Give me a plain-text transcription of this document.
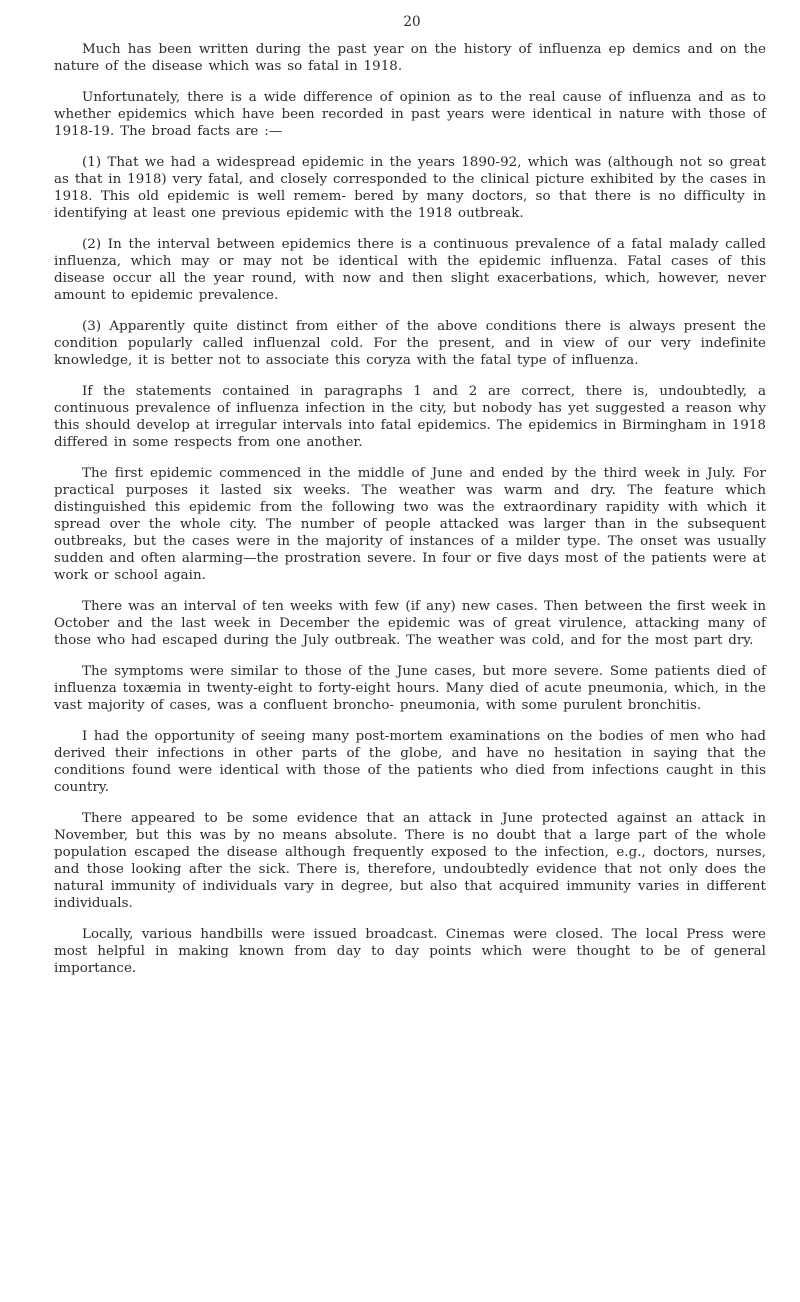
20

Much has been written during the past year on the history of influenza ep demics and on the nature of the disease which was so fatal in 1918.

Unfortunately, there is a wide difference of opinion as to the real cause of influenza and as to whether epidemics which have been recorded in past years were identical in nature with those of 1918-19. The broad facts are :—

(1) That we had a widespread epidemic in the years 1890-92, which was (although not so great as that in 1918) very fatal, and closely corresponded to the clinical picture exhibited by the cases in 1918. This old epidemic is well remem- bered by many doctors, so that there is no difficulty in identifying at least one previous epidemic with the 1918 outbreak.

(2) In the interval between epidemics there is a continuous prevalence of a fatal malady called influenza, which may or may not be identical with the epidemic influenza. Fatal cases of this disease occur all the year round, with now and then slight exacerbations, which, however, never amount to epidemic prevalence.

(3) Apparently quite distinct from either of the above conditions there is always present the condition popularly called influenzal cold. For the present, and in view of our very indefinite knowledge, it is better not to associate this coryza with the fatal type of influenza.

If the statements contained in paragraphs 1 and 2 are correct, there is, undoubtedly, a continuous prevalence of influenza infection in the city, but nobody has yet suggested a reason why this should develop at irregular intervals into fatal epidemics. The epidemics in Birmingham in 1918 differed in some respects from one another.

The first epidemic commenced in the middle of June and ended by the third week in July. For practical purposes it lasted six weeks. The weather was warm and dry. The feature which distinguished this epidemic from the following two was the extraordinary rapidity with which it spread over the whole city. The number of people attacked was larger than in the subsequent outbreaks, but the cases were in the majority of instances of a milder type. The onset was usually sudden and often alarming—the prostration severe. In four or five days most of the patients were at work or school again.

There was an interval of ten weeks with few (if any) new cases. Then between the first week in October and the last week in December the epidemic was of great virulence, attacking many of those who had escaped during the July outbreak. The weather was cold, and for the most part dry.

The symptoms were similar to those of the June cases, but more severe. Some patients died of influenza toxæmia in twenty-eight to forty-eight hours. Many died of acute pneumonia, which, in the vast majority of cases, was a confluent broncho- pneumonia, with some purulent bronchitis.

I had the opportunity of seeing many post-mortem examinations on the bodies of men who had derived their infections in other parts of the globe, and have no hesitation in saying that the conditions found were identical with those of the patients who died from infections caught in this country.

There appeared to be some evidence that an attack in June protected against an attack in November, but this was by no means absolute. There is no doubt that a large part of the whole population escaped the disease although frequently exposed to the infection, e.g., doctors, nurses, and those looking after the sick. There is, therefore, undoubtedly evidence that not only does the natural immunity of individuals vary in degree, but also that acquired immunity varies in different individuals.

Locally, various handbills were issued broadcast. Cinemas were closed. The local Press were most helpful in making known from day to day points which were thought to be of general importance.
